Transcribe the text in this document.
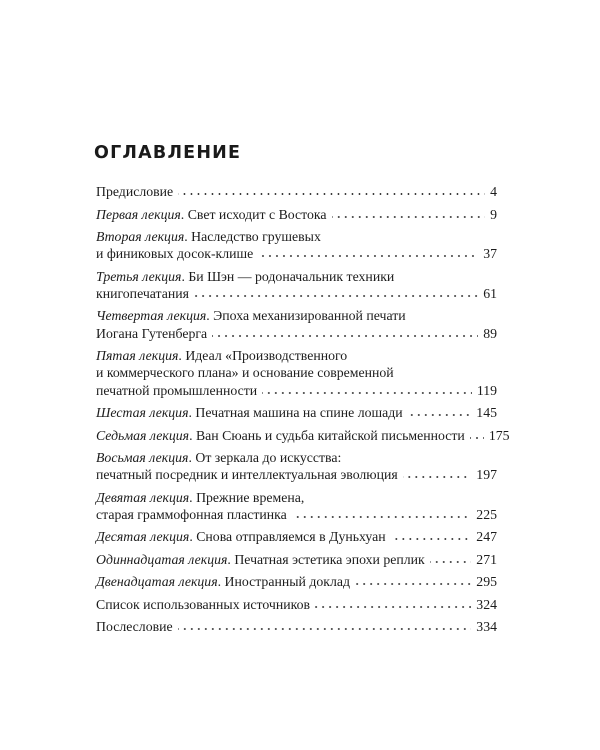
ОГЛАВЛЕНИЕ
Предисловие	4
Первая лекция. Свет исходит с Востока	9
Вторая лекция. Наследство грушевых
и финиковых досок-клише	37
Третья лекция. Би Шэн — родоначальник техники
книгопечатания	61
Четвертая лекция. Эпоха механизированной печати
Иогана Гутенберга	89
Пятая лекция. Идеал «Производственного
и коммерческого плана» и основание современной
печатной промышленности	119
Шестая лекция. Печатная машина на спине лошади	145
Седьмая лекция. Ван Сюань и судьба китайской письменности 175
Восьмая лекция. От зеркала до искусства:
печатный посредник и интеллектуальная эволюция	197
Девятая лекция. Прежние времена,
старая граммофонная пластинка	225
Десятая лекция. Снова отправляемся в Дуньхуан	247
Одиннадцатая лекция. Печатная эстетика эпохи реплик	271
Двенадцатая лекция. Иностранный доклад	295
Список использованных источников	324
Послесловие	334
